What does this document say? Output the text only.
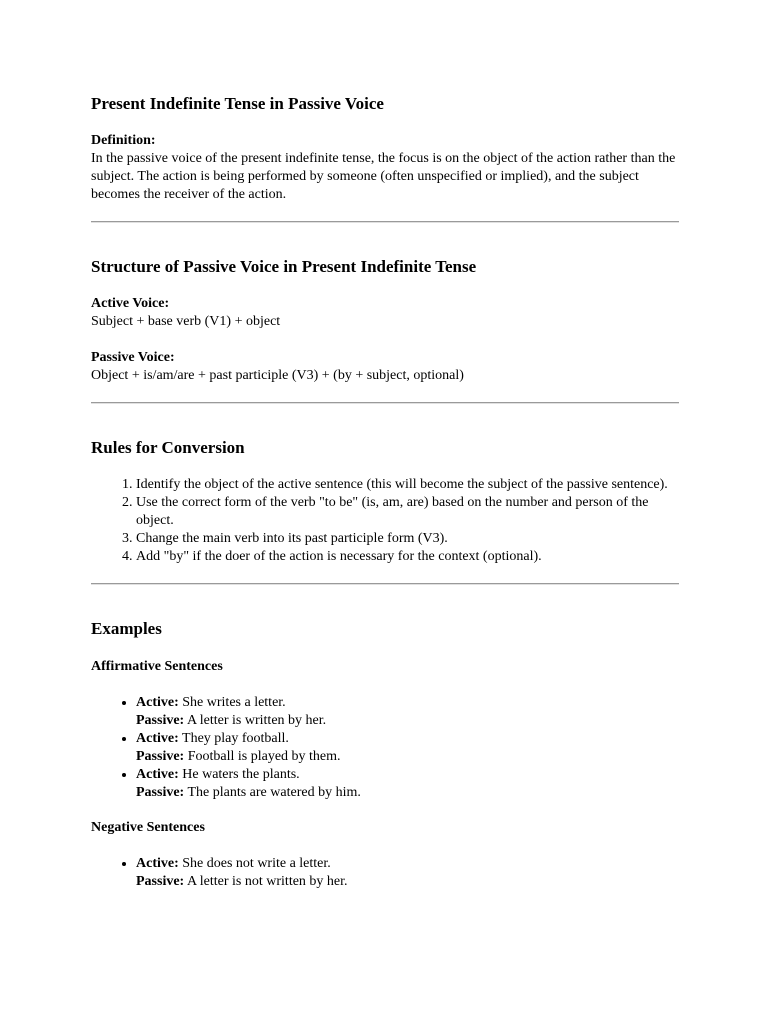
Present Indefinite Tense in Passive Voice
Definition:

In the passive voice of the present indefinite tense, the focus is on the object of the action rather than the subject. The action is being performed by someone (often unspecified or implied), and the subject becomes the receiver of the action.

Structure of Passive Voice in Present Indefinite Tense
Active Voice:

Subject + base verb (V1) + object

Passive Voice:

Object + is/am/are + past participle (V3) + (by + subject, optional)

Rules for Conversion
1. Identify the object of the active sentence (this will become the subject of the passive sentence).
2. Use the correct form of the verb "to be" (is, am, are) based on the number and person of the object.
3. Change the main verb into its past participle form (V3).
4. Add "by" if the doer of the action is necessary for the context (optional).
Examples
Affirmative Sentences
• Active: She writes a letter.
Passive: A letter is written by her.
• Active: They play football.
Passive: Football is played by them.
• Active: He waters the plants.
Passive: The plants are watered by him.
Negative Sentences
• Active: She does not write a letter.
Passive: A letter is not written by her.
